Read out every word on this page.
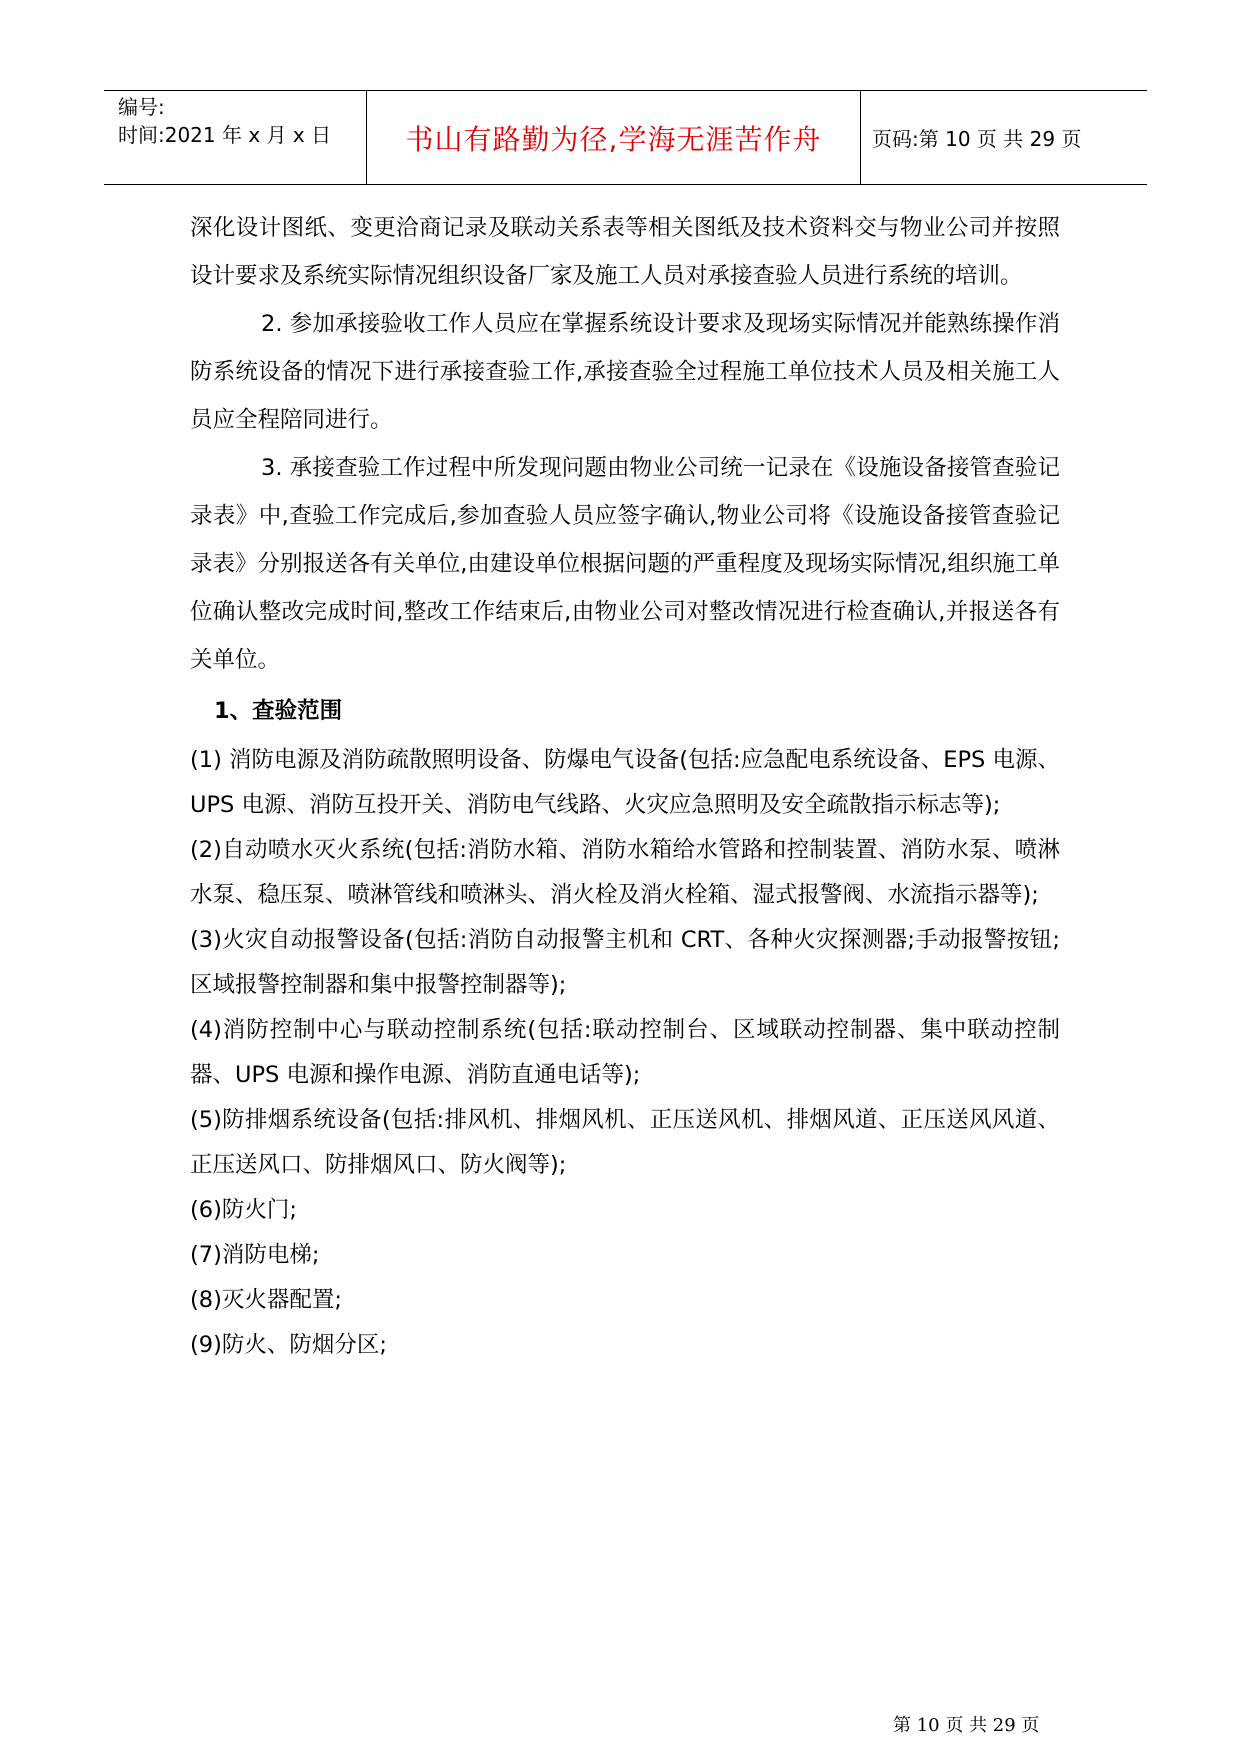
编号:
时间:2021 年 x 月 x 日	书山有路勤为径,学海无涯苦作舟	页码:第 10 页 共 29 页

深化设计图纸、变更洽商记录及联动关系表等相关图纸及技术资料交与物业公司并按照设计要求及系统实际情况组织设备厂家及施工人员对承接查验人员进行系统的培训。

2. 参加承接验收工作人员应在掌握系统设计要求及现场实际情况并能熟练操作消防系统设备的情况下进行承接查验工作,承接查验全过程施工单位技术人员及相关施工人员应全程陪同进行。

3. 承接查验工作过程中所发现问题由物业公司统一记录在《设施设备接管查验记录表》中,查验工作完成后,参加查验人员应签字确认,物业公司将《设施设备接管查验记录表》分别报送各有关单位,由建设单位根据问题的严重程度及现场实际情况,组织施工单位确认整改完成时间,整改工作结束后,由物业公司对整改情况进行检查确认,并报送各有关单位。

1、查验范围

(1) 消防电源及消防疏散照明设备、防爆电气设备(包括:应急配电系统设备、EPS 电源、UPS 电源、消防互投开关、消防电气线路、火灾应急照明及安全疏散指示标志等);

(2)自动喷水灭火系统(包括:消防水箱、消防水箱给水管路和控制装置、消防水泵、喷淋水泵、稳压泵、喷淋管线和喷淋头、消火栓及消火栓箱、湿式报警阀、水流指示器等);

(3)火灾自动报警设备(包括:消防自动报警主机和 CRT、各种火灾探测器;手动报警按钮;区域报警控制器和集中报警控制器等);

(4)消防控制中心与联动控制系统(包括:联动控制台、区域联动控制器、集中联动控制器、UPS 电源和操作电源、消防直通电话等);

(5)防排烟系统设备(包括:排风机、排烟风机、正压送风机、排烟风道、正压送风风道、正压送风口、防排烟风口、防火阀等);

(6)防火门;

(7)消防电梯;

(8)灭火器配置;

(9)防火、防烟分区;

第 10 页 共 29 页
